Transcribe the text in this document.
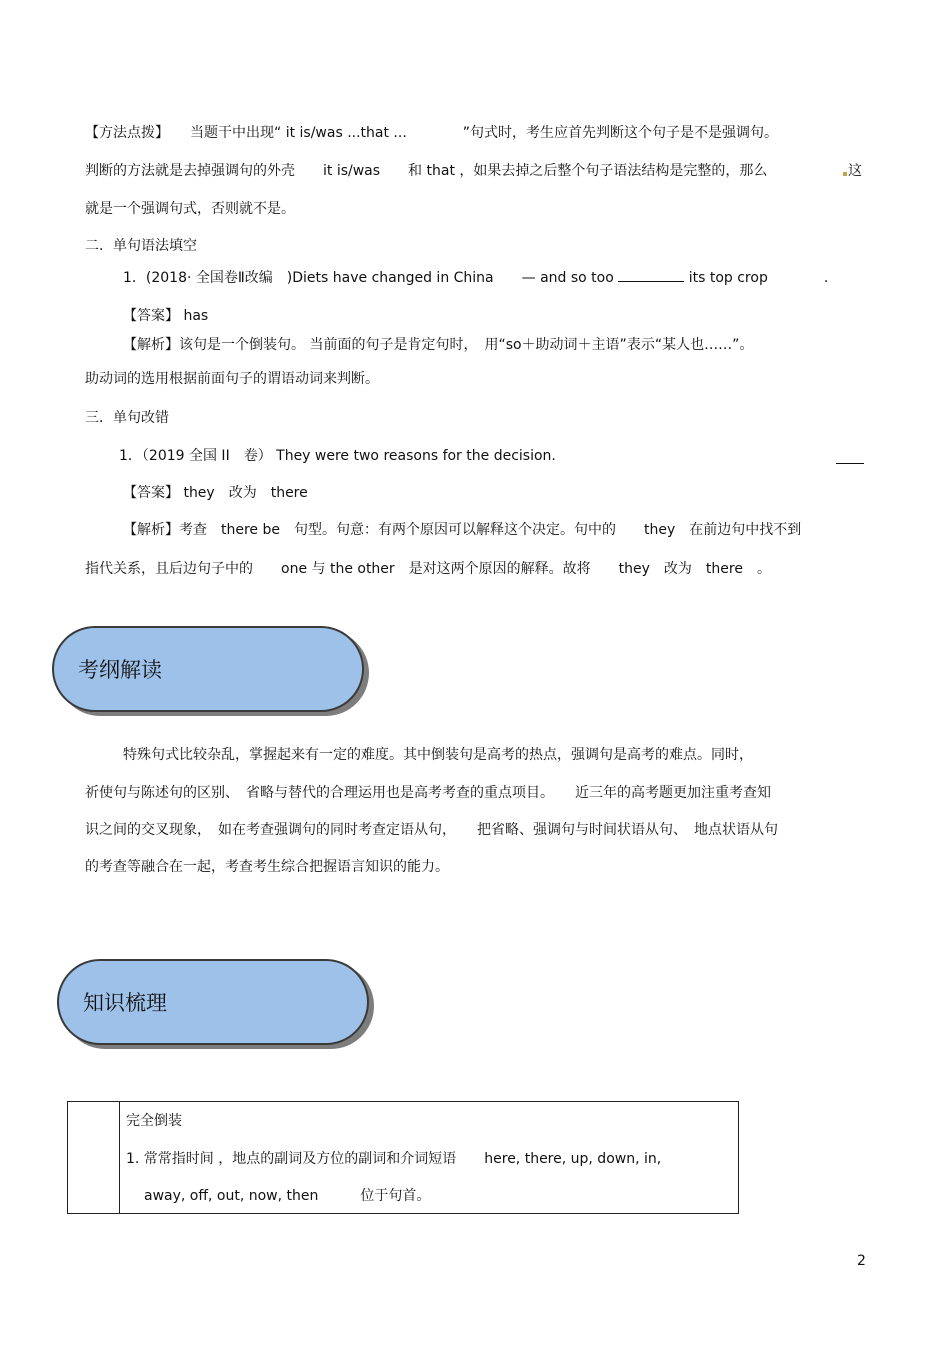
【方法点拨】　　当题干中出现“ it is/was ...that ...　　　　”句式时，考生应首先判断这个句子是不是强调句。
判断的方法就是去掉强调句的外壳　　it is/was　　和 that ，如果去掉之后整个句子语法结构是完整的，那么	这
就是一个强调句式，否则就不是。
二．单句语法填空
1．(2018· 全国卷Ⅱ改编　)Diets have changed in China　　— and so too	its top crop　　　　.
【答案】 has
【解析】该句是一个倒装句。 当前面的句子是肯定句时，　用“so＋助动词＋主语”表示“某人也……”。
助动词的选用根据前面句子的谓语动词来判断。
三．单句改错
1．（2019 全国 II　卷） They were two reasons for the decision.
【答案】 they　改为　there
【解析】考查　there be　句型。句意：有两个原因可以解释这个决定。句中的　　they　在前边句中找不到
指代关系，且后边句子中的　　one 与 the other　是对这两个原因的解释。故将　　they　改为　there　。
考纲解读
特殊句式比较杂乱，掌握起来有一定的难度。其中倒装句是高考的热点，强调句是高考的难点。同时，
祈使句与陈述句的区别、　省略与替代的合理运用也是高考考查的重点项目。　　近三年的高考题更加注重考查知
识之间的交叉现象，　如在考查强调句的同时考查定语从句，　　把省略、强调句与时间状语从句、　地点状语从句
的考查等融合在一起，考查考生综合把握语言知识的能力。
知识梳理
完全倒装
1. 常常指时间 ，地点的副词及方位的副词和介词短语　　here, there, up, down, in,
away, off, out, now, then　　　位于句首。
2
